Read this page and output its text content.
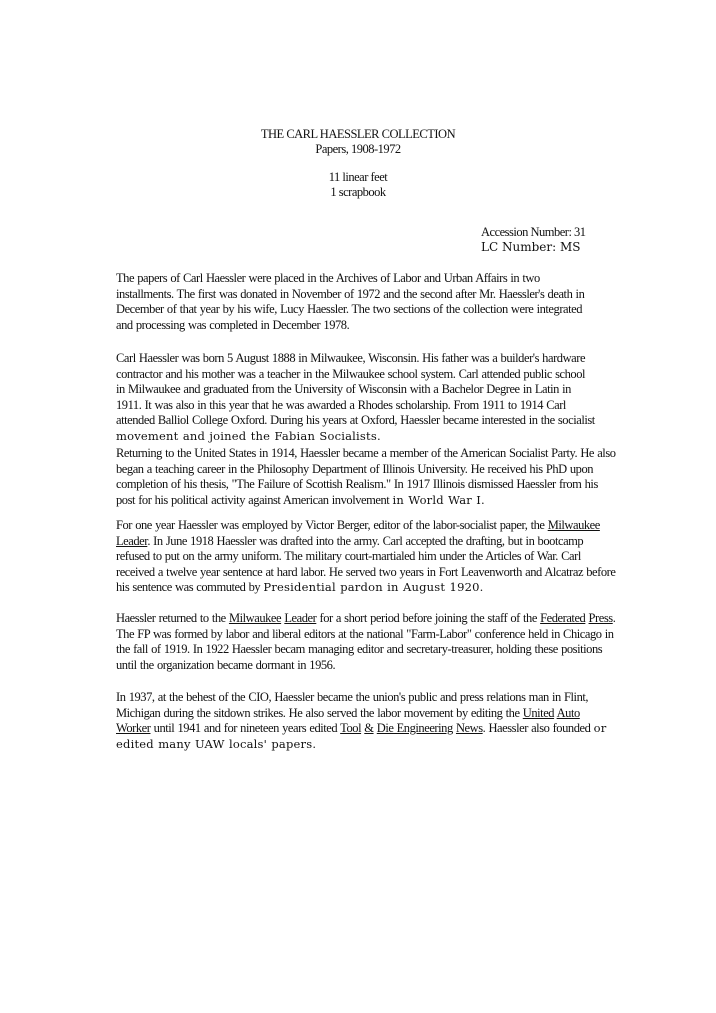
THE CARL HAESSLER COLLECTION
Papers, 1908-1972
11 linear feet
1 scrapbook
Accession Number: 31
LC Number: MS
The papers of Carl Haessler were placed in the Archives of Labor and Urban Affairs in two
installments. The first was donated in November of 1972 and the second after Mr. Haessler's death in
December of that year by his wife, Lucy Haessler. The two sections of the collection were integrated
and processing was completed in December 1978.
Carl Haessler was born 5 August 1888 in Milwaukee, Wisconsin. His father was a builder's hardware
contractor and his mother was a teacher in the Milwaukee school system. Carl attended public school
in Milwaukee and graduated from the University of Wisconsin with a Bachelor Degree in Latin in
1911. It was also in this year that he was awarded a Rhodes scholarship. From 1911 to 1914 Carl
attended Balliol College Oxford. During his years at Oxford, Haessler became interested in the socialist
movement and joined the Fabian Socialists.
Returning to the United States in 1914, Haessler became a member of the American Socialist Party. He also
began a teaching career in the Philosophy Department of Illinois University. He received his PhD upon
completion of his thesis, "The Failure of Scottish Realism." In 1917 Illinois dismissed Haessler from his
post for his political activity against American involvement in World War I.
For one year Haessler was employed by Victor Berger, editor of the labor-socialist paper, the Milwaukee
Leader. In June 1918 Haessler was drafted into the army. Carl accepted the drafting, but in bootcamp
refused to put on the army uniform. The military court-martialed him under the Articles of War. Carl
received a twelve year sentence at hard labor. He served two years in Fort Leavenworth and Alcatraz before
his sentence was commuted by Presidential pardon in August 1920.
Haessler returned to the Milwaukee Leader for a short period before joining the staff of the Federated Press.
The FP was formed by labor and liberal editors at the national "Farm-Labor" conference held in Chicago in
the fall of 1919. In 1922 Haessler becam managing editor and secretary-treasurer, holding these positions
until the organization became dormant in 1956.
In 1937, at the behest of the CIO, Haessler became the union's public and press relations man in Flint,
Michigan during the sitdown strikes. He also served the labor movement by editing the United Auto
Worker until 1941 and for nineteen years edited Tool & Die Engineering News. Haessler also founded or
edited many UAW locals' papers.
